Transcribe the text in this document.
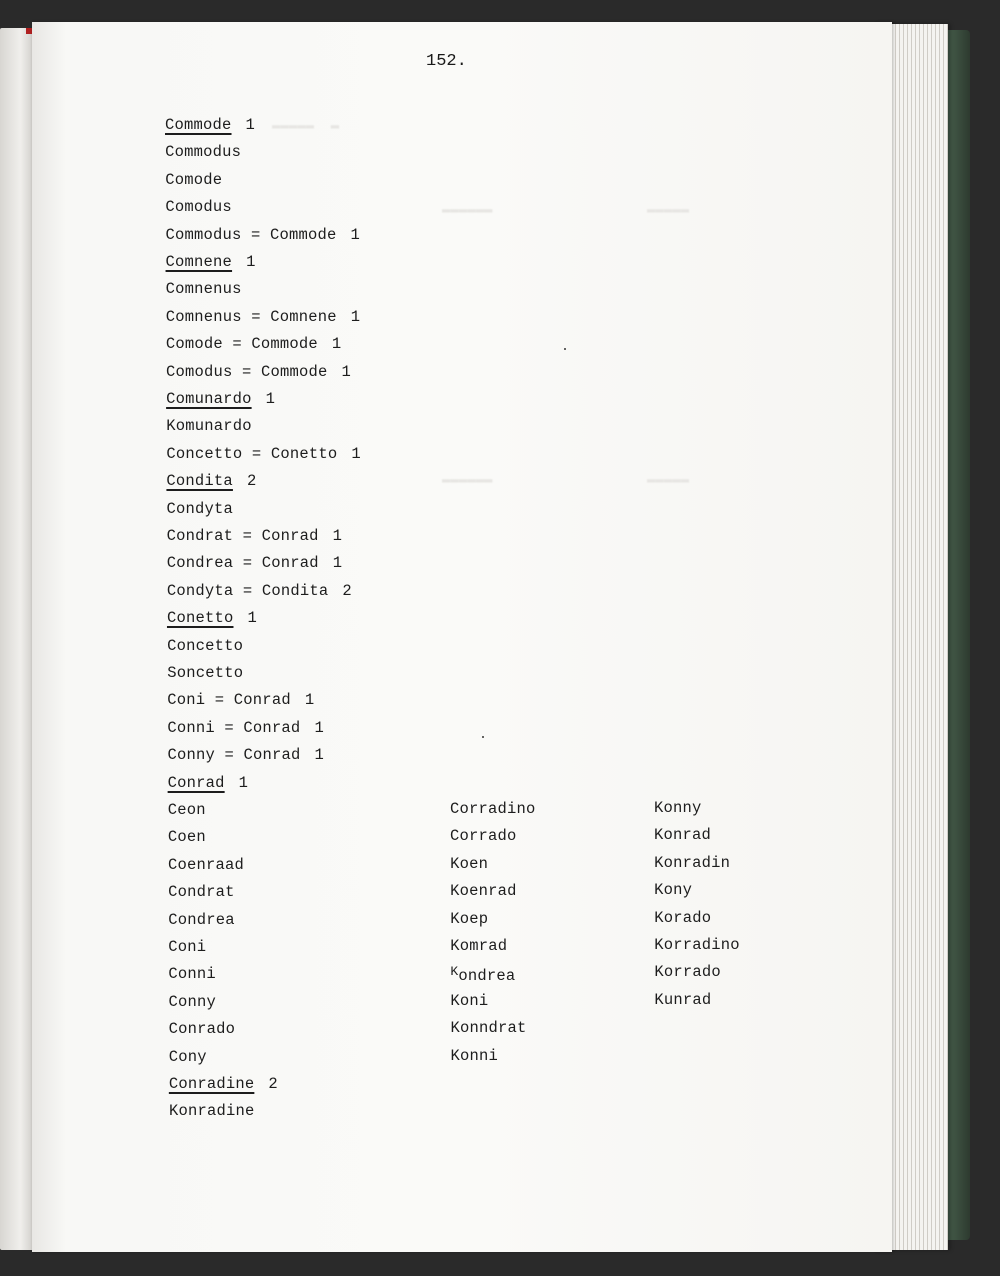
152.
▬▬▬▬▬  ▬
▬▬▬▬▬▬	▬▬▬▬▬
▬▬▬▬▬▬	▬▬▬▬▬
Commode 1
Commodus
Comode
Comodus
Commodus = Commode 1
Comnene 1
Comnenus
Comnenus = Comnene 1
Comode = Commode 1
Comodus = Commode 1
Comunardo 1
Komunardo
Concetto = Conetto 1
Condita 2
Condyta
Condrat = Conrad 1
Condrea = Conrad 1
Condyta = Condita 2
Conetto 1
Concetto
Soncetto
Coni = Conrad 1
Conni = Conrad 1
Conny = Conrad 1
Conrad 1
Ceon
Coen
Coenraad
Condrat
Condrea
Coni
Conni
Conny
Conrado
Cony
Conradine 2
Konradine
Corradino
Corrado
Koen
Koenrad
Koep
Komrad
$^K$ondrea
Koni
Konndrat
Konni
Konny
Konrad
Konradin
Kony
Korado
Korradino
Korrado
Kunrad
